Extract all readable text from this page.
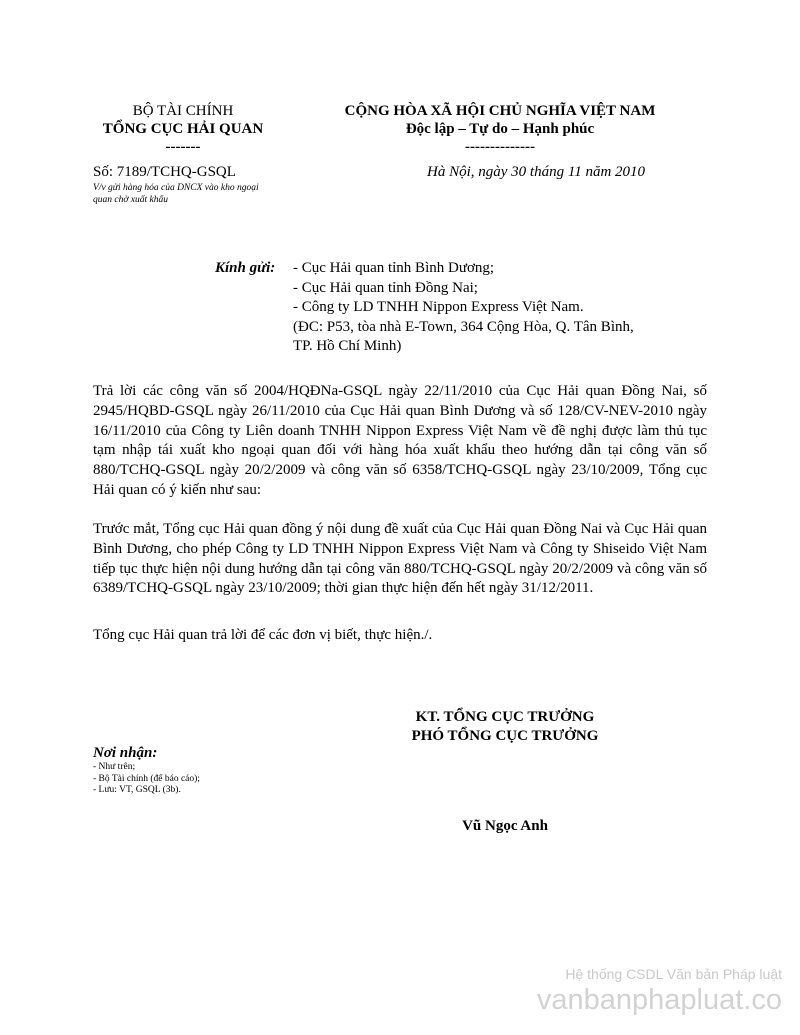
BỘ TÀI CHÍNH
TỔNG CỤC HẢI QUAN
-------
CỘNG HÒA XÃ HỘI CHỦ NGHĨA VIỆT NAM
Độc lập – Tự do – Hạnh phúc
--------------
Số: 7189/TCHQ-GSQL
V/v gửi hàng hóa của DNCX vào kho ngoại
quan chờ xuất khẩu
Hà Nội, ngày 30 tháng 11 năm 2010
Kính gửi:	- Cục Hải quan tỉnh Bình Dương;
- Cục Hải quan tỉnh Đồng Nai;
- Công ty LD TNHH Nippon Express Việt Nam.
(ĐC: P53, tòa nhà E-Town, 364 Cộng Hòa, Q. Tân Bình,
TP. Hồ Chí Minh)
Trả lời các công văn số 2004/HQĐNa-GSQL ngày 22/11/2010 của Cục Hải quan Đồng Nai, số 2945/HQBD-GSQL ngày 26/11/2010 của Cục Hải quan Bình Dương và số 128/CV-NEV-2010 ngày 16/11/2010 của Công ty Liên doanh TNHH Nippon Express Việt Nam về đề nghị được làm thủ tục tạm nhập tái xuất kho ngoại quan đối với hàng hóa xuất khẩu theo hướng dẫn tại công văn số 880/TCHQ-GSQL ngày 20/2/2009 và công văn số 6358/TCHQ-GSQL ngày 23/10/2009, Tổng cục Hải quan có ý kiến như sau:
Trước mắt, Tổng cục Hải quan đồng ý nội dung đề xuất của Cục Hải quan Đồng Nai và Cục Hải quan Bình Dương, cho phép Công ty LD TNHH Nippon Express Việt Nam và Công ty Shiseido Việt Nam tiếp tục thực hiện nội dung hướng dẫn tại công văn 880/TCHQ-GSQL ngày 20/2/2009 và công văn số 6389/TCHQ-GSQL ngày 23/10/2009; thời gian thực hiện đến hết ngày 31/12/2011.
Tổng cục Hải quan trả lời để các đơn vị biết, thực hiện./.
KT. TỔNG CỤC TRƯỞNG
PHÓ TỔNG CỤC TRƯỞNG
Vũ Ngọc Anh
Nơi nhận:
- Như trên;
- Bộ Tài chính (để báo cáo);
- Lưu: VT, GSQL (3b).
Hệ thống CSDL Văn bản Pháp luật
vanbanphapluat.co
